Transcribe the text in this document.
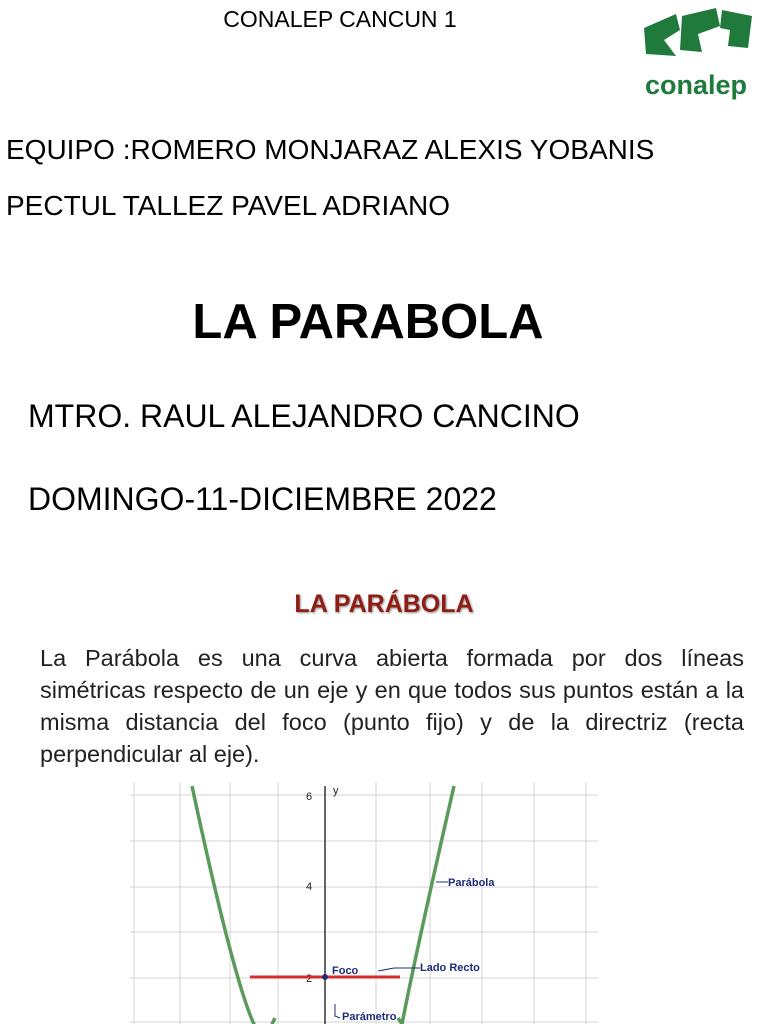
CONALEP CANCUN 1
conalep
EQUIPO :ROMERO MONJARAZ ALEXIS YOBANIS
PECTUL TALLEZ PAVEL ADRIANO
LA PARABOLA
MTRO. RAUL ALEJANDRO CANCINO
DOMINGO-11-DICIEMBRE 2022
LA PARÁBOLA
La Parábola es una curva abierta formada por dos líneas simétricas respecto de un eje y en que todos sus puntos están a la misma distancia del foco (punto fijo) y de la directriz (recta perpendicular al eje).
y
6
4
2
Parábola
Foco	Lado Recto
Parámetro
